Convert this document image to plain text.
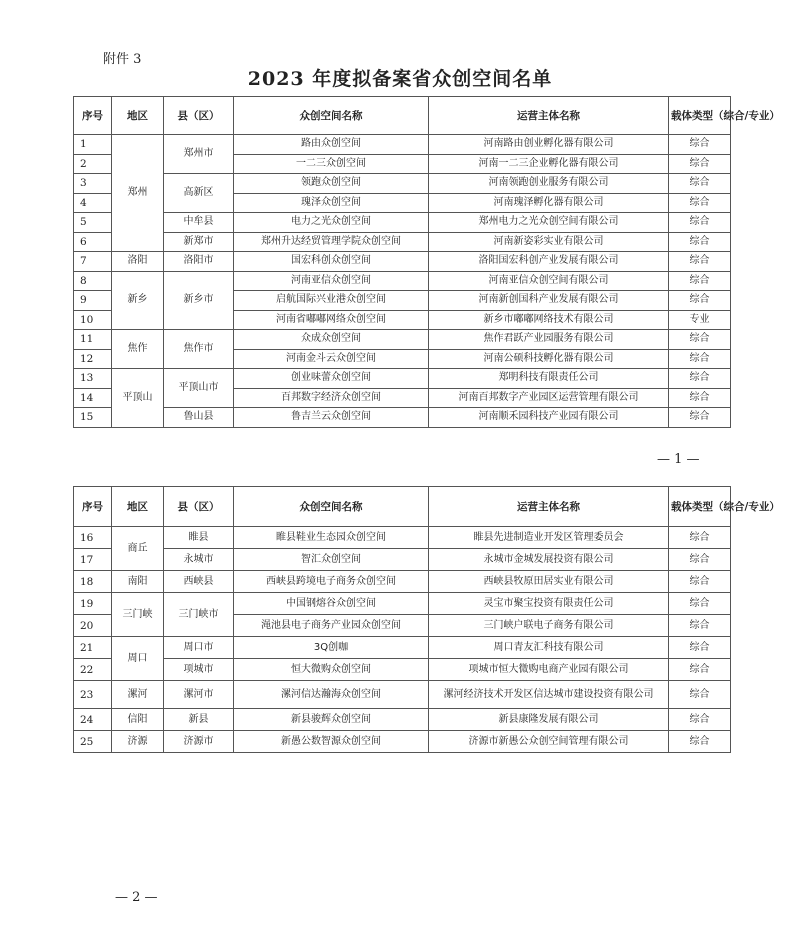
附件 3
2023 年度拟备案省众创空间名单
序号	地区	县（区）	众创空间名称	运营主体名称	载体类型（综合/专业）
1	郑州	郑州市	路由众创空间	河南路由创业孵化器有限公司	综合
2			一二三众创空间	河南一二三企业孵化器有限公司	综合
3		高新区	领跑众创空间	河南领跑创业服务有限公司	综合
4			瑰泽众创空间	河南瑰泽孵化器有限公司	综合
5		中牟县	电力之光众创空间	郑州电力之光众创空间有限公司	综合
6		新郑市	郑州升达经贸管理学院众创空间	河南新姿彩实业有限公司	综合
7	洛阳	洛阳市	国宏科创众创空间	洛阳国宏科创产业发展有限公司	综合
8	新乡	新乡市	河南亚信众创空间	河南亚信众创空间有限公司	综合
9			启航国际兴业港众创空间	河南新创国科产业发展有限公司	综合
10			河南省嘟嘟网络众创空间	新乡市嘟嘟网络技术有限公司	专业
11	焦作	焦作市	众成众创空间	焦作君跃产业园服务有限公司	综合
12			河南金斗云众创空间	河南公硕科技孵化器有限公司	综合
13	平顶山	平顶山市	创业味蕾众创空间	郑明科技有限责任公司	综合
14			百邦数字经济众创空间	河南百邦数字产业园区运营管理有限公司	综合
15		鲁山县	鲁吉兰云众创空间	河南顺禾园科技产业园有限公司	综合
— 1 —
序号	地区	县（区）	众创空间名称	运营主体名称	载体类型（综合/专业）
16	商丘	睢县	睢县鞋业生态园众创空间	睢县先进制造业开发区管理委员会	综合
17		永城市	智汇众创空间	永城市金城发展投资有限公司	综合
18	南阳	西峡县	西峡县跨境电子商务众创空间	西峡县牧原田居实业有限公司	综合
19	三门峡	三门峡市	中国钢熔谷众创空间	灵宝市聚宝投资有限责任公司	综合
20			渑池县电子商务产业园众创空间	三门峡户联电子商务有限公司	综合
21	周口	周口市	3Q创咖	周口青友汇科技有限公司	综合
22		项城市	恒大微购众创空间	项城市恒大微购电商产业园有限公司	综合
23	漯河	漯河市	漯河信达瀚海众创空间	漯河经济技术开发区信达城市建设投资有限公司	综合
24	信阳	新县	新县骏辉众创空间	新县康隆发展有限公司	综合
25	济源	济源市	新愚公数智源众创空间	济源市新愚公众创空间管理有限公司	综合
— 2 —
